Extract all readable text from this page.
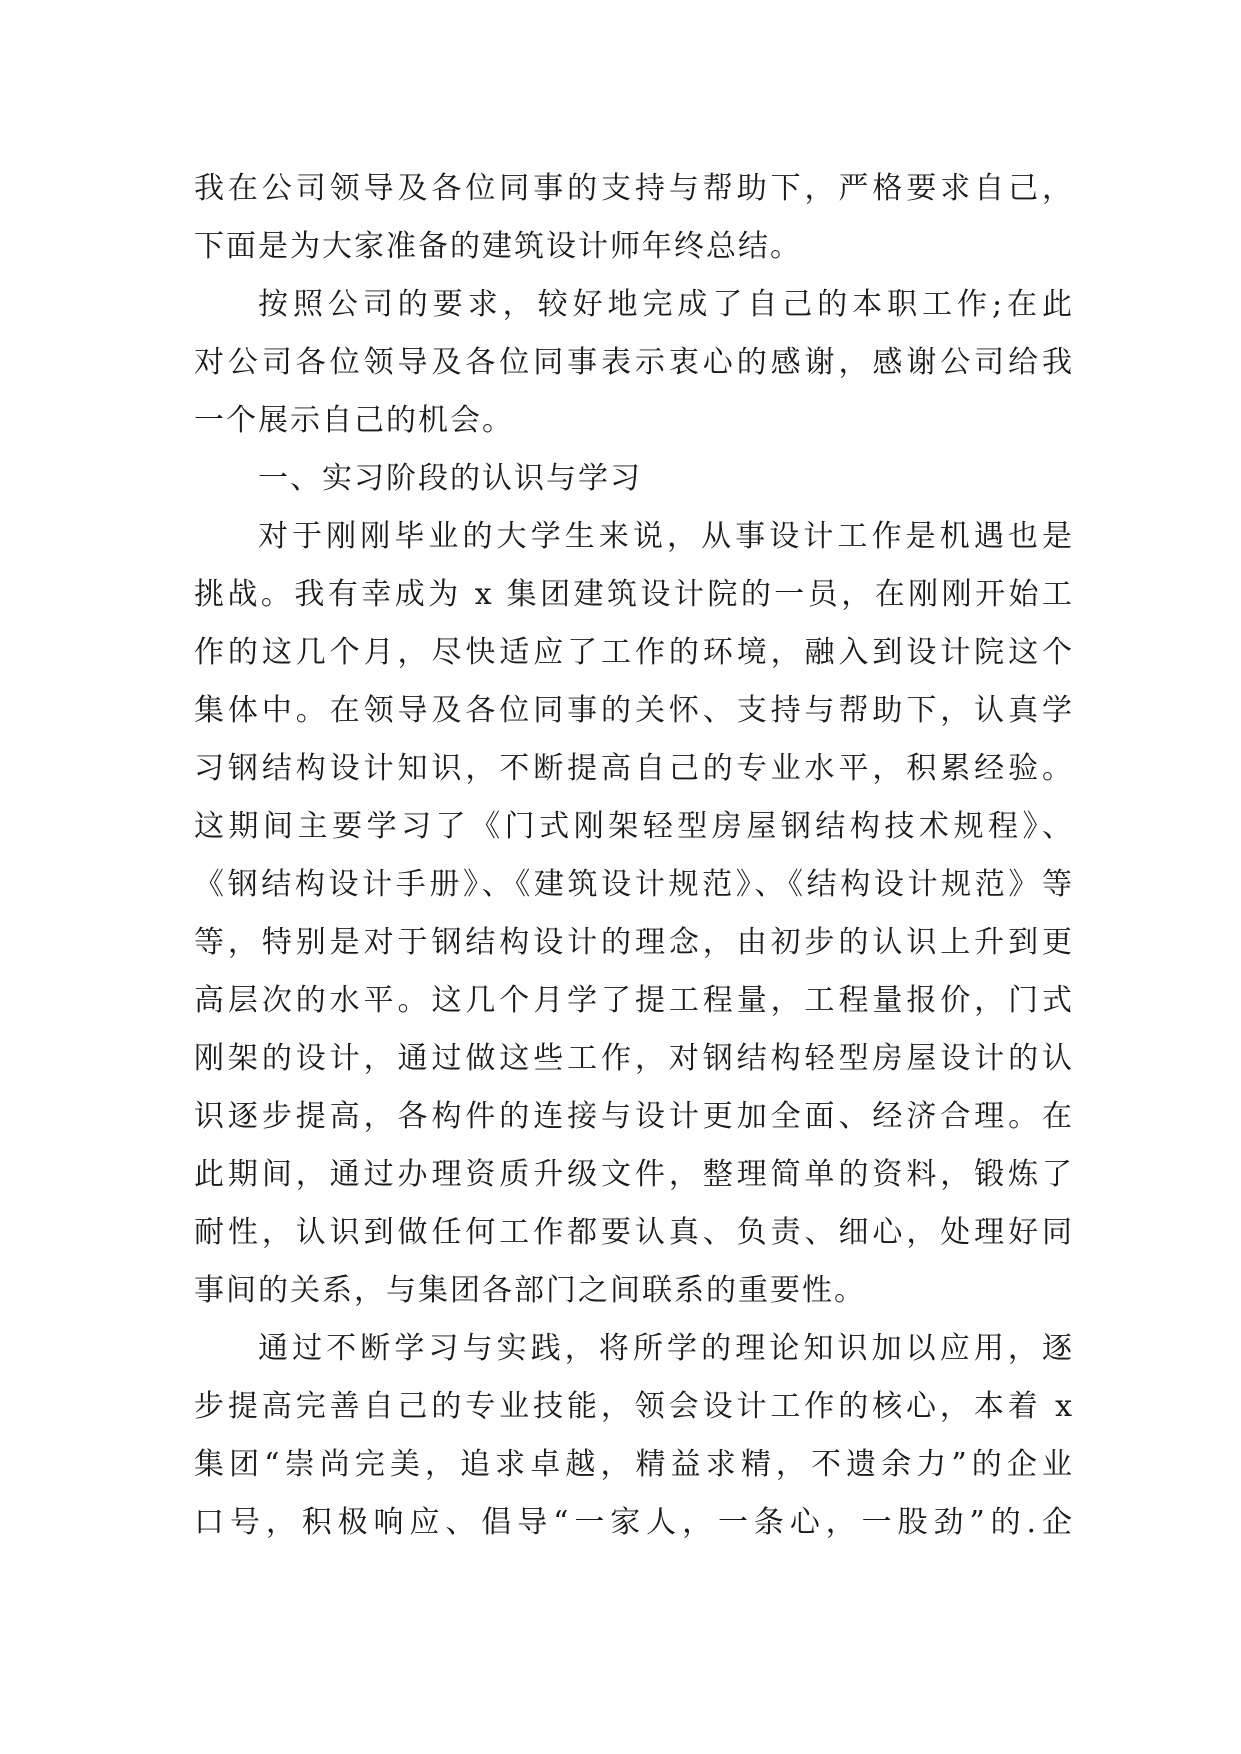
我在公司领导及各位同事的支持与帮助下，严格要求自己，
下面是为大家准备的建筑设计师年终总结。
按照公司的要求，较好地完成了自己的本职工作;在此
对公司各位领导及各位同事表示衷心的感谢，感谢公司给我
一个展示自己的机会。
一、实习阶段的认识与学习
对于刚刚毕业的大学生来说，从事设计工作是机遇也是
挑战。我有幸成为 x 集团建筑设计院的一员，在刚刚开始工
作的这几个月，尽快适应了工作的环境，融入到设计院这个
集体中。在领导及各位同事的关怀、支持与帮助下，认真学
习钢结构设计知识，不断提高自己的专业水平，积累经验。
这期间主要学习了《门式刚架轻型房屋钢结构技术规程》、
《钢结构设计手册》、《建筑设计规范》、《结构设计规范》等
等，特别是对于钢结构设计的理念，由初步的认识上升到更
高层次的水平。这几个月学了提工程量，工程量报价，门式
刚架的设计，通过做这些工作，对钢结构轻型房屋设计的认
识逐步提高，各构件的连接与设计更加全面、经济合理。在
此期间，通过办理资质升级文件，整理简单的资料，锻炼了
耐性，认识到做任何工作都要认真、负责、细心，处理好同
事间的关系，与集团各部门之间联系的重要性。
通过不断学习与实践，将所学的理论知识加以应用，逐
步提高完善自己的专业技能，领会设计工作的核心，本着 x
集团“崇尚完美，追求卓越，精益求精，不遗余力”的企业
口号，积极响应、倡导“一家人，一条心，一股劲”的.企
